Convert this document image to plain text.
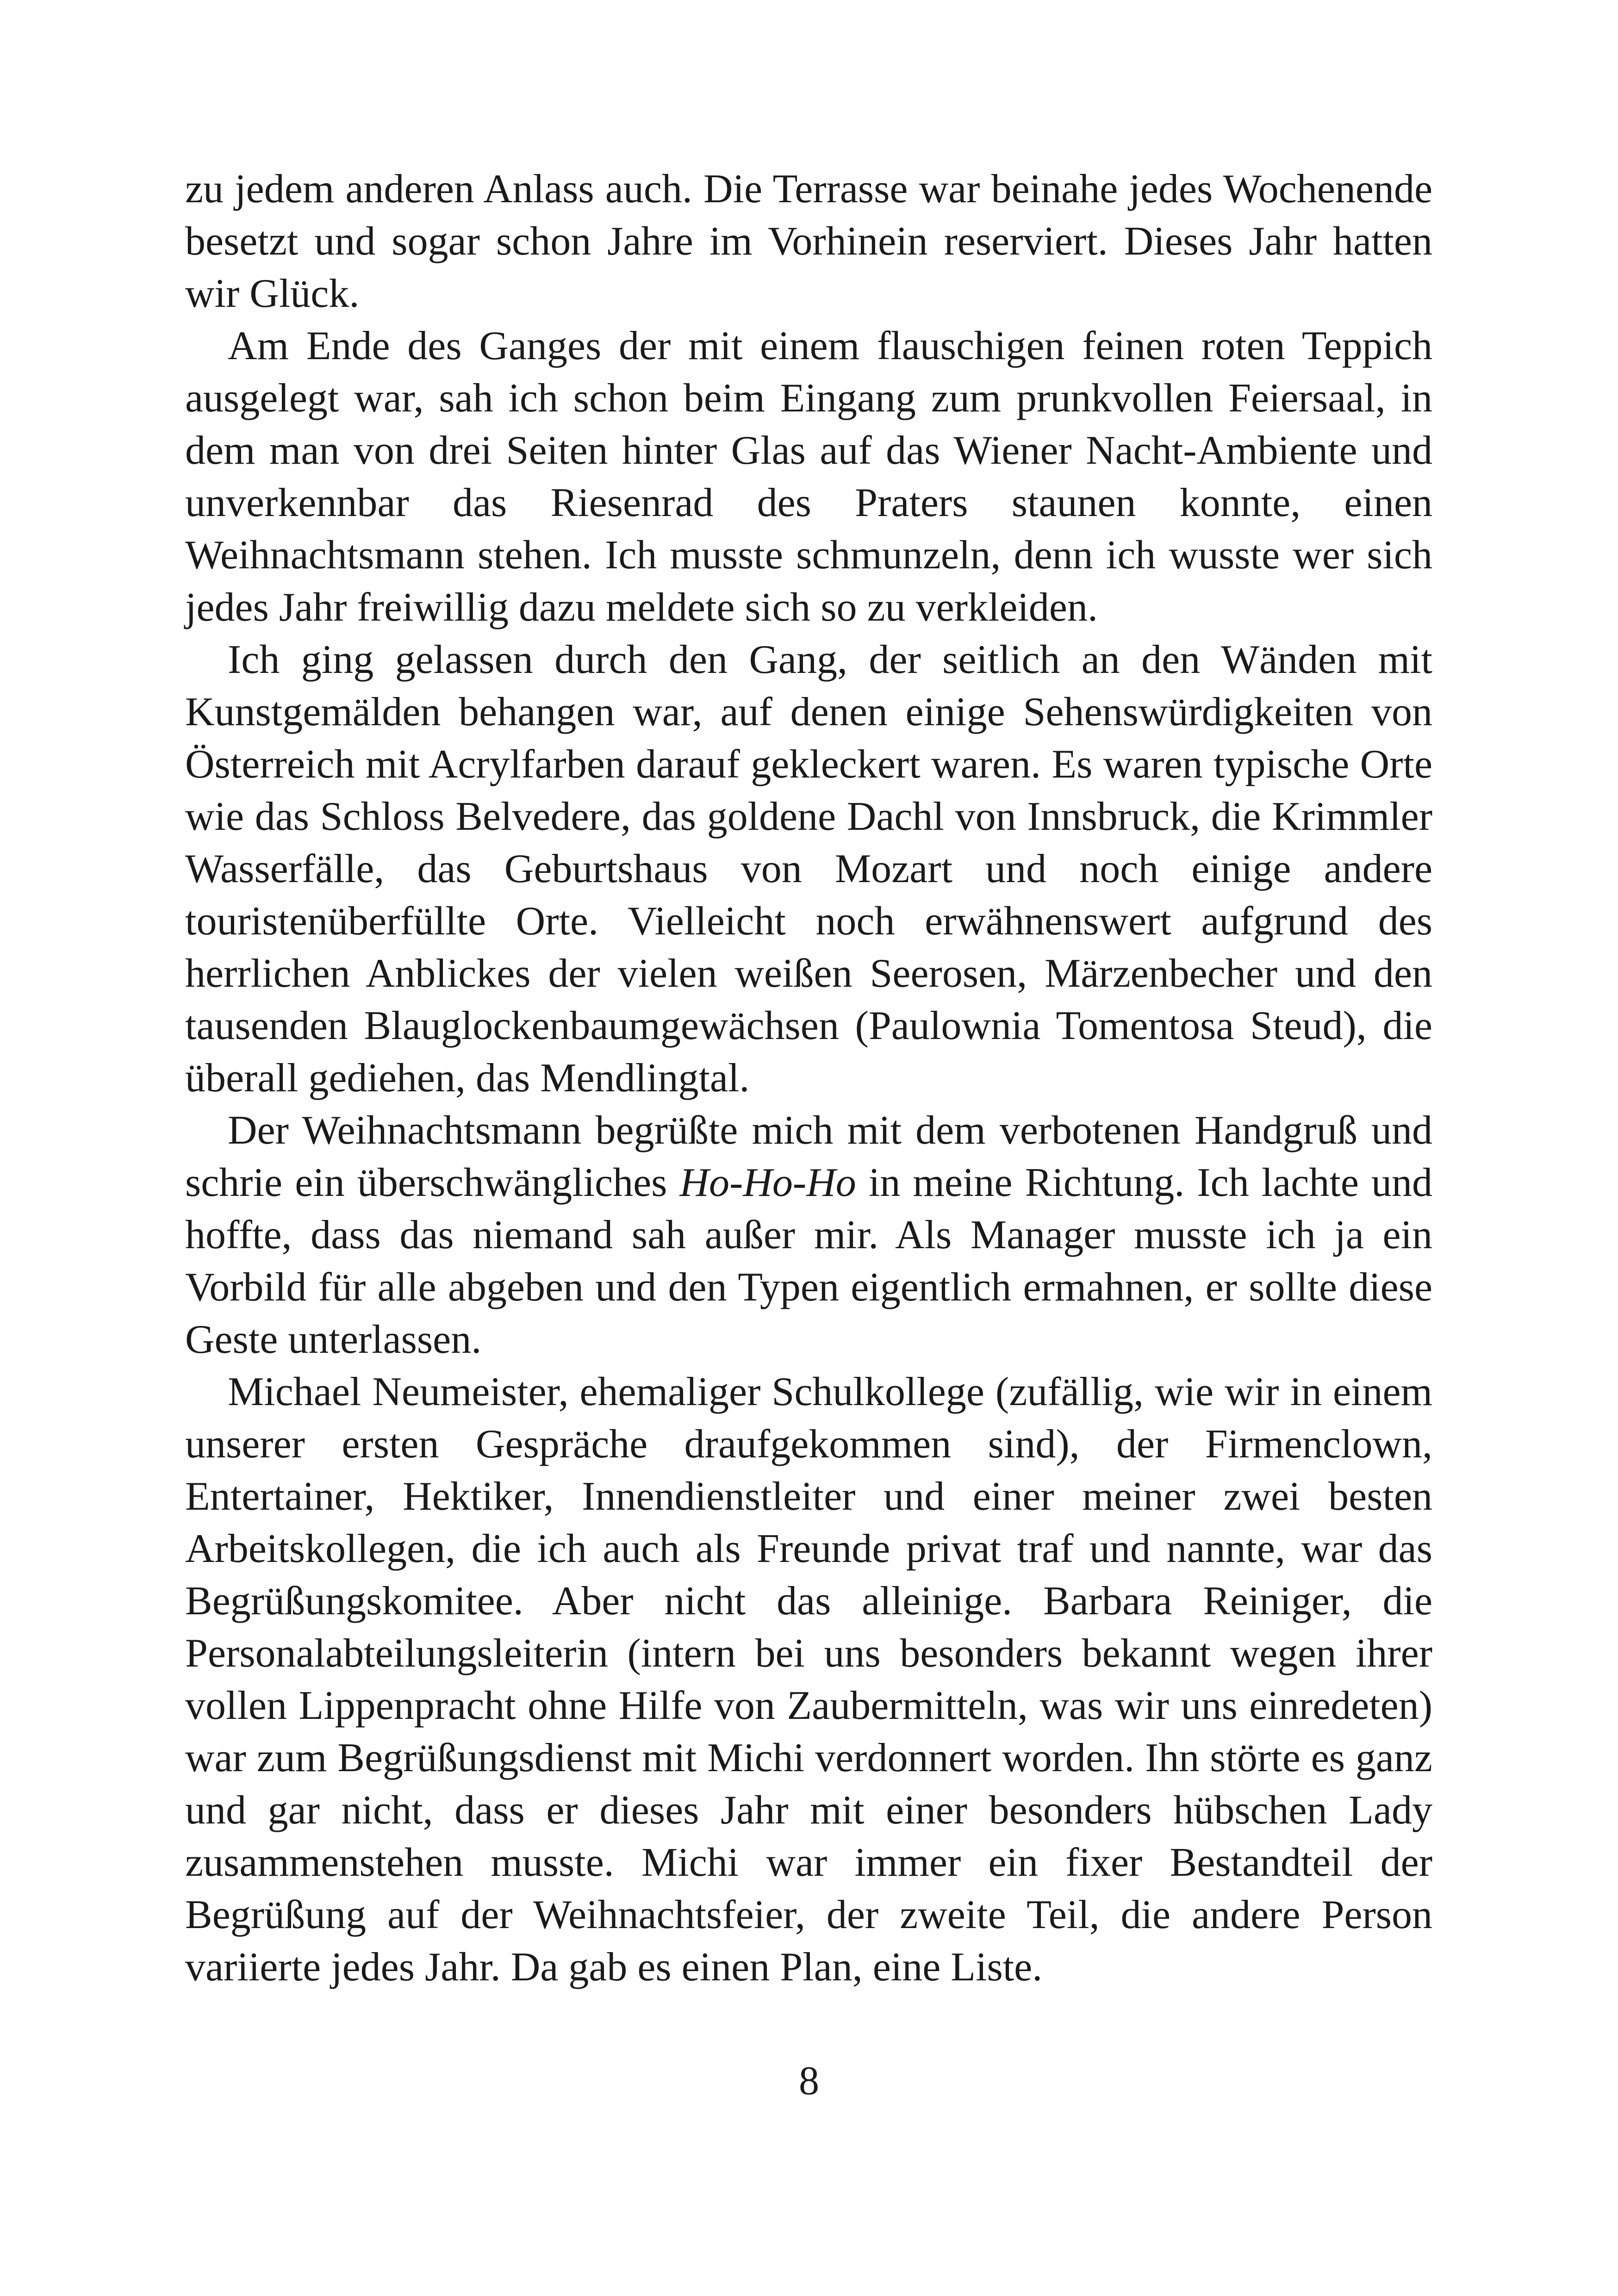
zu jedem anderen Anlass auch. Die Terrasse war beinahe jedes Wochenende besetzt und sogar schon Jahre im Vorhinein reserviert. Dieses Jahr hatten wir Glück.

Am Ende des Ganges der mit einem flauschigen feinen roten Teppich ausgelegt war, sah ich schon beim Eingang zum prunkvollen Feiersaal, in dem man von drei Seiten hinter Glas auf das Wiener Nacht-Ambiente und unverkennbar das Riesenrad des Praters staunen konnte, einen Weihnachtsmann stehen. Ich musste schmunzeln, denn ich wusste wer sich jedes Jahr freiwillig dazu meldete sich so zu verkleiden.

Ich ging gelassen durch den Gang, der seitlich an den Wänden mit Kunstgemälden behangen war, auf denen einige Sehenswürdigkeiten von Österreich mit Acrylfarben darauf gekleckert waren. Es waren typische Orte wie das Schloss Belvedere, das goldene Dachl von Innsbruck, die Krimmler Wasserfälle, das Geburtshaus von Mozart und noch einige andere touristenüberfüllte Orte. Vielleicht noch erwähnenswert aufgrund des herrlichen Anblickes der vielen weißen Seerosen, Märzenbecher und den tausenden Blauglockenbaumgewächsen (Paulownia Tomentosa Steud), die überall gediehen, das Mendlingtal.

Der Weihnachtsmann begrüßte mich mit dem verbotenen Handgruß und schrie ein überschwängliches Ho-Ho-Ho in meine Richtung. Ich lachte und hoffte, dass das niemand sah außer mir. Als Manager musste ich ja ein Vorbild für alle abgeben und den Typen eigentlich ermahnen, er sollte diese Geste unterlassen.

Michael Neumeister, ehemaliger Schulkollege (zufällig, wie wir in einem unserer ersten Gespräche draufgekommen sind), der Firmenclown, Entertainer, Hektiker, Innendienstleiter und einer meiner zwei besten Arbeitskollegen, die ich auch als Freunde privat traf und nannte, war das Begrüßungskomitee. Aber nicht das alleinige. Barbara Reiniger, die Personalabteilungsleiterin (intern bei uns besonders bekannt wegen ihrer vollen Lippenpracht ohne Hilfe von Zaubermitteln, was wir uns einredeten) war zum Begrüßungsdienst mit Michi verdonnert worden. Ihn störte es ganz und gar nicht, dass er dieses Jahr mit einer besonders hübschen Lady zusammenstehen musste. Michi war immer ein fixer Bestandteil der Begrüßung auf der Weihnachtsfeier, der zweite Teil, die andere Person variierte jedes Jahr. Da gab es einen Plan, eine Liste.

8
